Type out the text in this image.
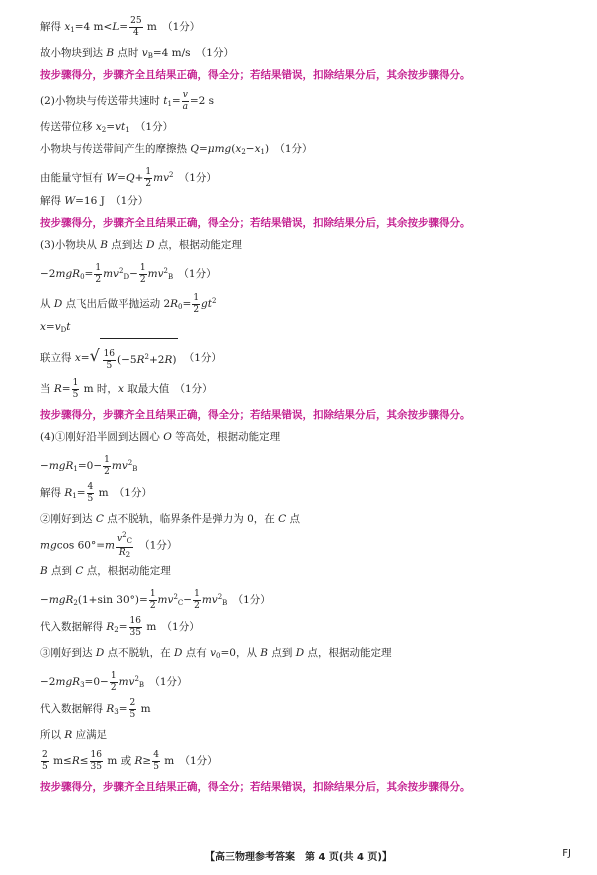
解得 $x_1=4$ $m<L= \frac{25}{4}$ m　（1分）
故小物块到达 B 点时 $v_B=4$ m/s　（1分）
按步骤得分，步骤齐全且结果正确，得全分；若结果错误，扣除结果分后，其余按步骤得分。
(2)小物块与传送带共速时 $t_1= \frac{v}{a} =2$ s
传送带位移 $x_2=vt_1$　（1分）
小物块与传送带间产生的摩擦热 $Q=\mu mg(x_2-x_1)$　（1分）
由能量守恒有 $W=Q+ \frac{1}{2} mv^2$　（1分）
解得 W=16 J　（1分）
按步骤得分，步骤齐全且结果正确，得全分；若结果错误，扣除结果分后，其余按步骤得分。
(3)小物块从 B 点到达 D 点，根据动能定理
$-2mgR_0= \frac{1}{2} mv^2_D- \frac{1}{2} mv^2_B$　（1分）
从 D 点飞出后做平抛运动 $2R_0= \frac{1}{2} gt^2$
$x=v_Dt$
联立得 x=
√ $\frac{16}{5} (-5R^2+2R)$　（1分）
当 $R= \frac{1}{5}$ m 时，x 取最大值　（1分）
按步骤得分，步骤齐全且结果正确，得全分；若结果错误，扣除结果分后，其余按步骤得分。
(4)①刚好沿半圆到达圆心 O 等高处，根据动能定理
$-mgR_1=0- \frac{1}{2} mv^2_B$
解得 $R_1= \frac{4}{5}$ m　（1分）
②刚好到达 C 点不脱轨，临界条件是弹力为 0，在 C 点
mgcos $60^\circ=m \frac{v^2_C}{R_2}$ 　（1分）
B 点到 C 点，根据动能定理
−mgR$_2$(1+sin $30^\circ)= \frac{1}{2} mv^2_C- \frac{1}{2} mv^2_B$　（1分）
代入数据解得 $R_2= \frac{16}{35}$ m　（1分）
③刚好到达 D 点不脱轨，在 D 点有 $v_0=0$，从 B 点到 D 点，根据动能定理
$-2mgR_3=0- \frac{1}{2} mv^2_B$　（1分）
代入数据解得 $R_3= \frac{2}{5}$ m
所以 R 应满足
$\frac{2}{5} m\le R\le \frac{16}{35}$ m 或 $R\ge \frac{4}{5}$ m　（1分）
按步骤得分，步骤齐全且结果正确，得全分；若结果错误，扣除结果分后，其余按步骤得分。
【高三物理参考答案　第 4 页(共 4 页)】	FJ
